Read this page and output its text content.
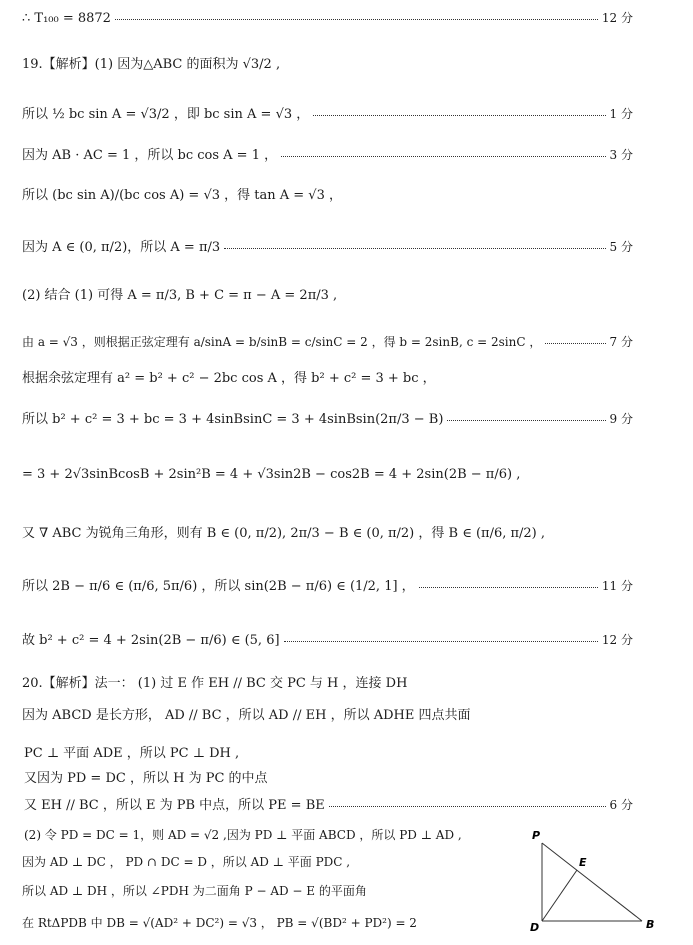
∴ T₁₀₀ = 8872	12 分
19.【解析】(1) 因为△ABC 的面积为 √3/2 ,
所以 ½ bc sin A = √3/2 ，即 bc sin A = √3 ，	1 分
因为 AB · AC = 1 ，所以 bc cos A = 1 ，	3 分
所以 (bc sin A)/(bc cos A) = √3 ，得 tan A = √3 ，
因为 A ∈ (0, π/2)，所以 A = π/3	5 分
(2) 结合 (1) 可得 A = π/3, B + C = π − A = 2π/3 ,
由 a = √3 ，则根据正弦定理有 a/sinA = b/sinB = c/sinC = 2 ，得 b = 2sinB, c = 2sinC ，	7 分
根据余弦定理有 a² = b² + c² − 2bc cos A ，得 b² + c² = 3 + bc ，
所以 b² + c² = 3 + bc = 3 + 4sinBsinC = 3 + 4sinBsin(2π/3 − B)	9 分
= 3 + 2√3sinBcosB + 2sin²B = 4 + √3sin2B − cos2B = 4 + 2sin(2B − π/6) ,
又 ∇ ABC 为锐角三角形，则有 B ∈ (0, π/2), 2π/3 − B ∈ (0, π/2) ，得 B ∈ (π/6, π/2) ,
所以 2B − π/6 ∈ (π/6, 5π/6) ，所以 sin(2B − π/6) ∈ (1/2, 1] ，	11 分
故 b² + c² = 4 + 2sin(2B − π/6) ∈ (5, 6]	12 分
20.【解析】法一： (1) 过 E 作 EH // BC 交 PC 与 H ，连接 DH
因为 ABCD 是长方形， AD // BC ，所以 AD // EH ，所以 ADHE 四点共面
PC ⊥ 平面 ADE ，所以 PC ⊥ DH ,
又因为 PD = DC ，所以 H 为 PC 的中点
又 EH // BC ，所以 E 为 PB 中点，所以 PE = BE	6 分
(2) 令 PD = DC = 1，则 AD = √2 ,因为 PD ⊥ 平面 ABCD ，所以 PD ⊥ AD ,
因为 AD ⊥ DC ， PD ∩ DC = D ，所以 AD ⊥ 平面 PDC ,
所以 AD ⊥ DH ，所以 ∠PDH 为二面角 P − AD − E 的平面角
在 RtΔPDB 中 DB = √(AD² + DC²) = √3 ， PB = √(BD² + PD²) = 2
P
E
D	B
